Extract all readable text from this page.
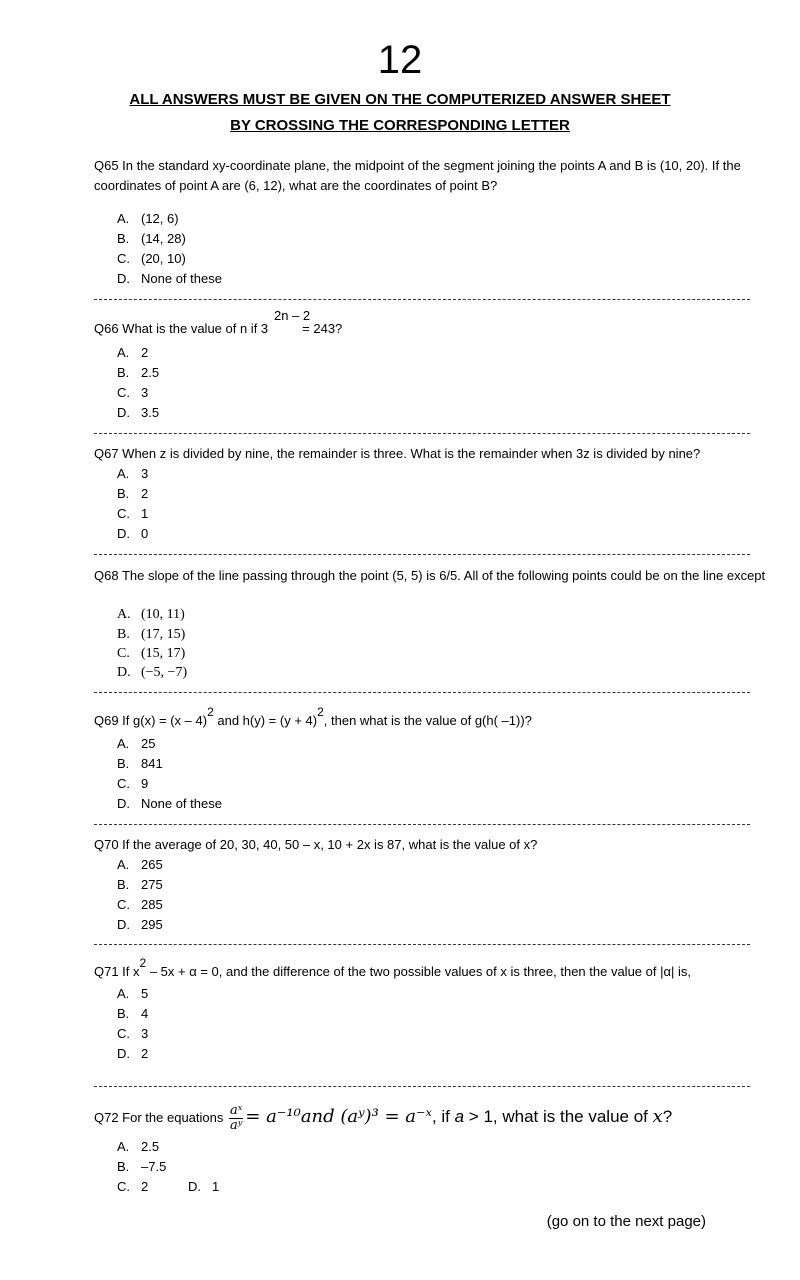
12
ALL ANSWERS MUST BE GIVEN ON THE COMPUTERIZED ANSWER SHEET
BY CROSSING THE CORRESPONDING LETTER
Q65 In the standard xy-coordinate plane, the midpoint of the segment joining the points A and B is (10, 20). If the coordinates of point A are (6, 12), what are the coordinates of point B?
A. (12, 6)
B. (14, 28)
C. (20, 10)
D. None of these
Q66 What is the value of n if 3	= 243?
2n – 2
A. 2
B. 2.5
C. 3
D. 3.5
Q67 When z is divided by nine, the remainder is three. What is the remainder when 3z is divided by nine?
A. 3
B. 2
C. 1
D. 0
Q68 The slope of the line passing through the point (5, 5) is 6/5. All of the following points could be on the line except
A. (10, 11)
B. (17, 15)
C. (15, 17)
D. (−5, −7)
Q69 If g(x) = (x – 4)2 and h(y) = (y + 4)2, then what is the value of g(h( –1))?
A. 25
B. 841
C. 9
D. None of these
Q70 If the average of 20, 30, 40, 50 – x, 10 + 2x is 87, what is the value of x?
A. 265
B. 275
C. 285
D. 295
Q71 If x2 – 5x + α = 0, and the difference of the two possible values of x is three, then the value of |α| is,
A. 5
B. 4
C. 3
D. 2
Q72 For the equations $\frac{\text{aˣ}}{\text{aʸ}} = a^{-10}and$ (aʸ)³ = a⁻ˣ, if a > 1, what is the value of x?
A. 2.5
B. –7.5
C. 2	D. 1
(go on to the next page)
